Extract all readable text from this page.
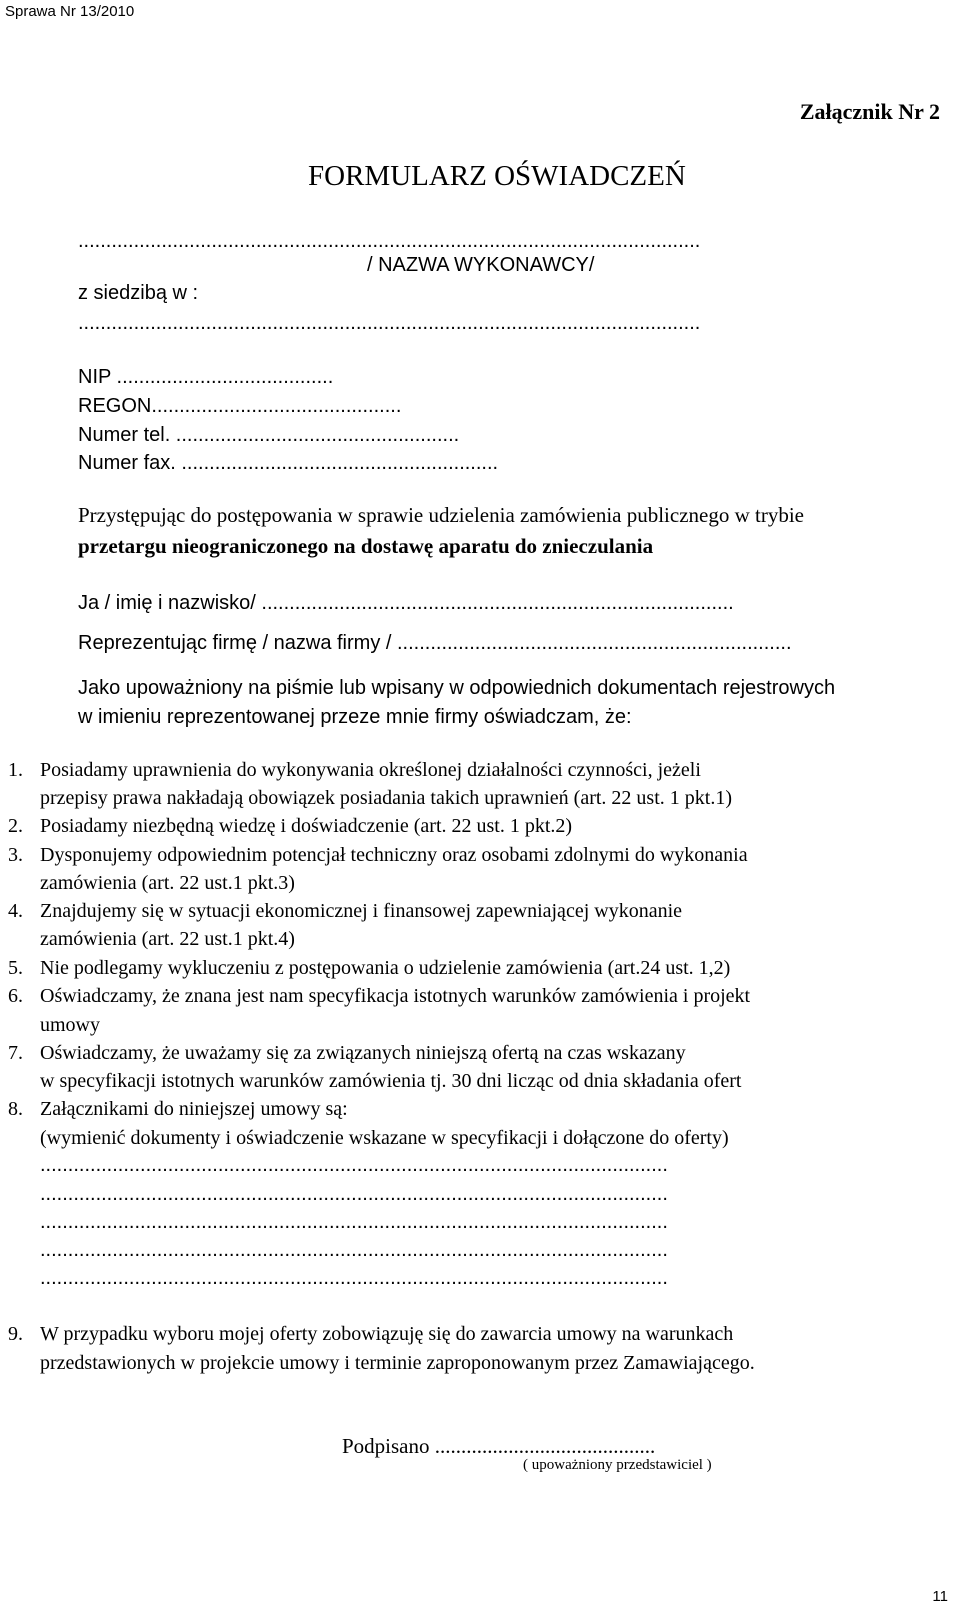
Sprawa Nr 13/2010
Załącznik Nr 2
FORMULARZ OŚWIADCZEŃ
................................................................................................................
/ NAZWA WYKONAWCY/
z siedzibą w :
................................................................................................................
NIP .......................................
REGON.............................................
Numer tel. ...................................................
Numer fax. .........................................................
Przystępując do postępowania w sprawie udzielenia zamówienia publicznego w trybie
przetargu nieograniczonego na dostawę aparatu do znieczulania
Ja / imię i nazwisko/ .....................................................................................
Reprezentując firmę / nazwa firmy / .......................................................................
Jako upoważniony na piśmie lub wpisany w odpowiednich dokumentach rejestrowych
w imieniu reprezentowanej przeze mnie firmy oświadczam, że:
1. Posiadamy uprawnienia do wykonywania określonej działalności czynności, jeżeli
przepisy prawa nakładają obowiązek posiadania takich uprawnień (art. 22 ust. 1 pkt.1)
2. Posiadamy niezbędną wiedzę i doświadczenie (art. 22 ust. 1 pkt.2)
3. Dysponujemy odpowiednim potencjał techniczny oraz osobami zdolnymi do wykonania
zamówienia (art. 22 ust.1 pkt.3)
4. Znajdujemy się w sytuacji ekonomicznej i finansowej zapewniającej wykonanie
zamówienia (art. 22 ust.1 pkt.4)
5. Nie podlegamy wykluczeniu z postępowania o udzielenie zamówienia (art.24 ust. 1,2)
6. Oświadczamy, że znana jest nam specyfikacja istotnych warunków zamówienia i projekt
umowy
7. Oświadczamy, że uważamy się za związanych niniejszą ofertą na czas wskazany
w specyfikacji istotnych warunków zamówienia tj. 30 dni licząc od dnia składania ofert
8. Załącznikami do niniejszej umowy są:
(wymienić dokumenty i oświadczenie wskazane w specyfikacji i dołączone do oferty)
.................................................................................................................
.................................................................................................................
.................................................................................................................
.................................................................................................................
.................................................................................................................
9. W przypadku wyboru mojej oferty zobowiązuję się do zawarcia umowy na warunkach
przedstawionych w projekcie umowy i terminie zaproponowanym przez Zamawiającego.
Podpisano ..........................................
( upoważniony przedstawiciel )
11
